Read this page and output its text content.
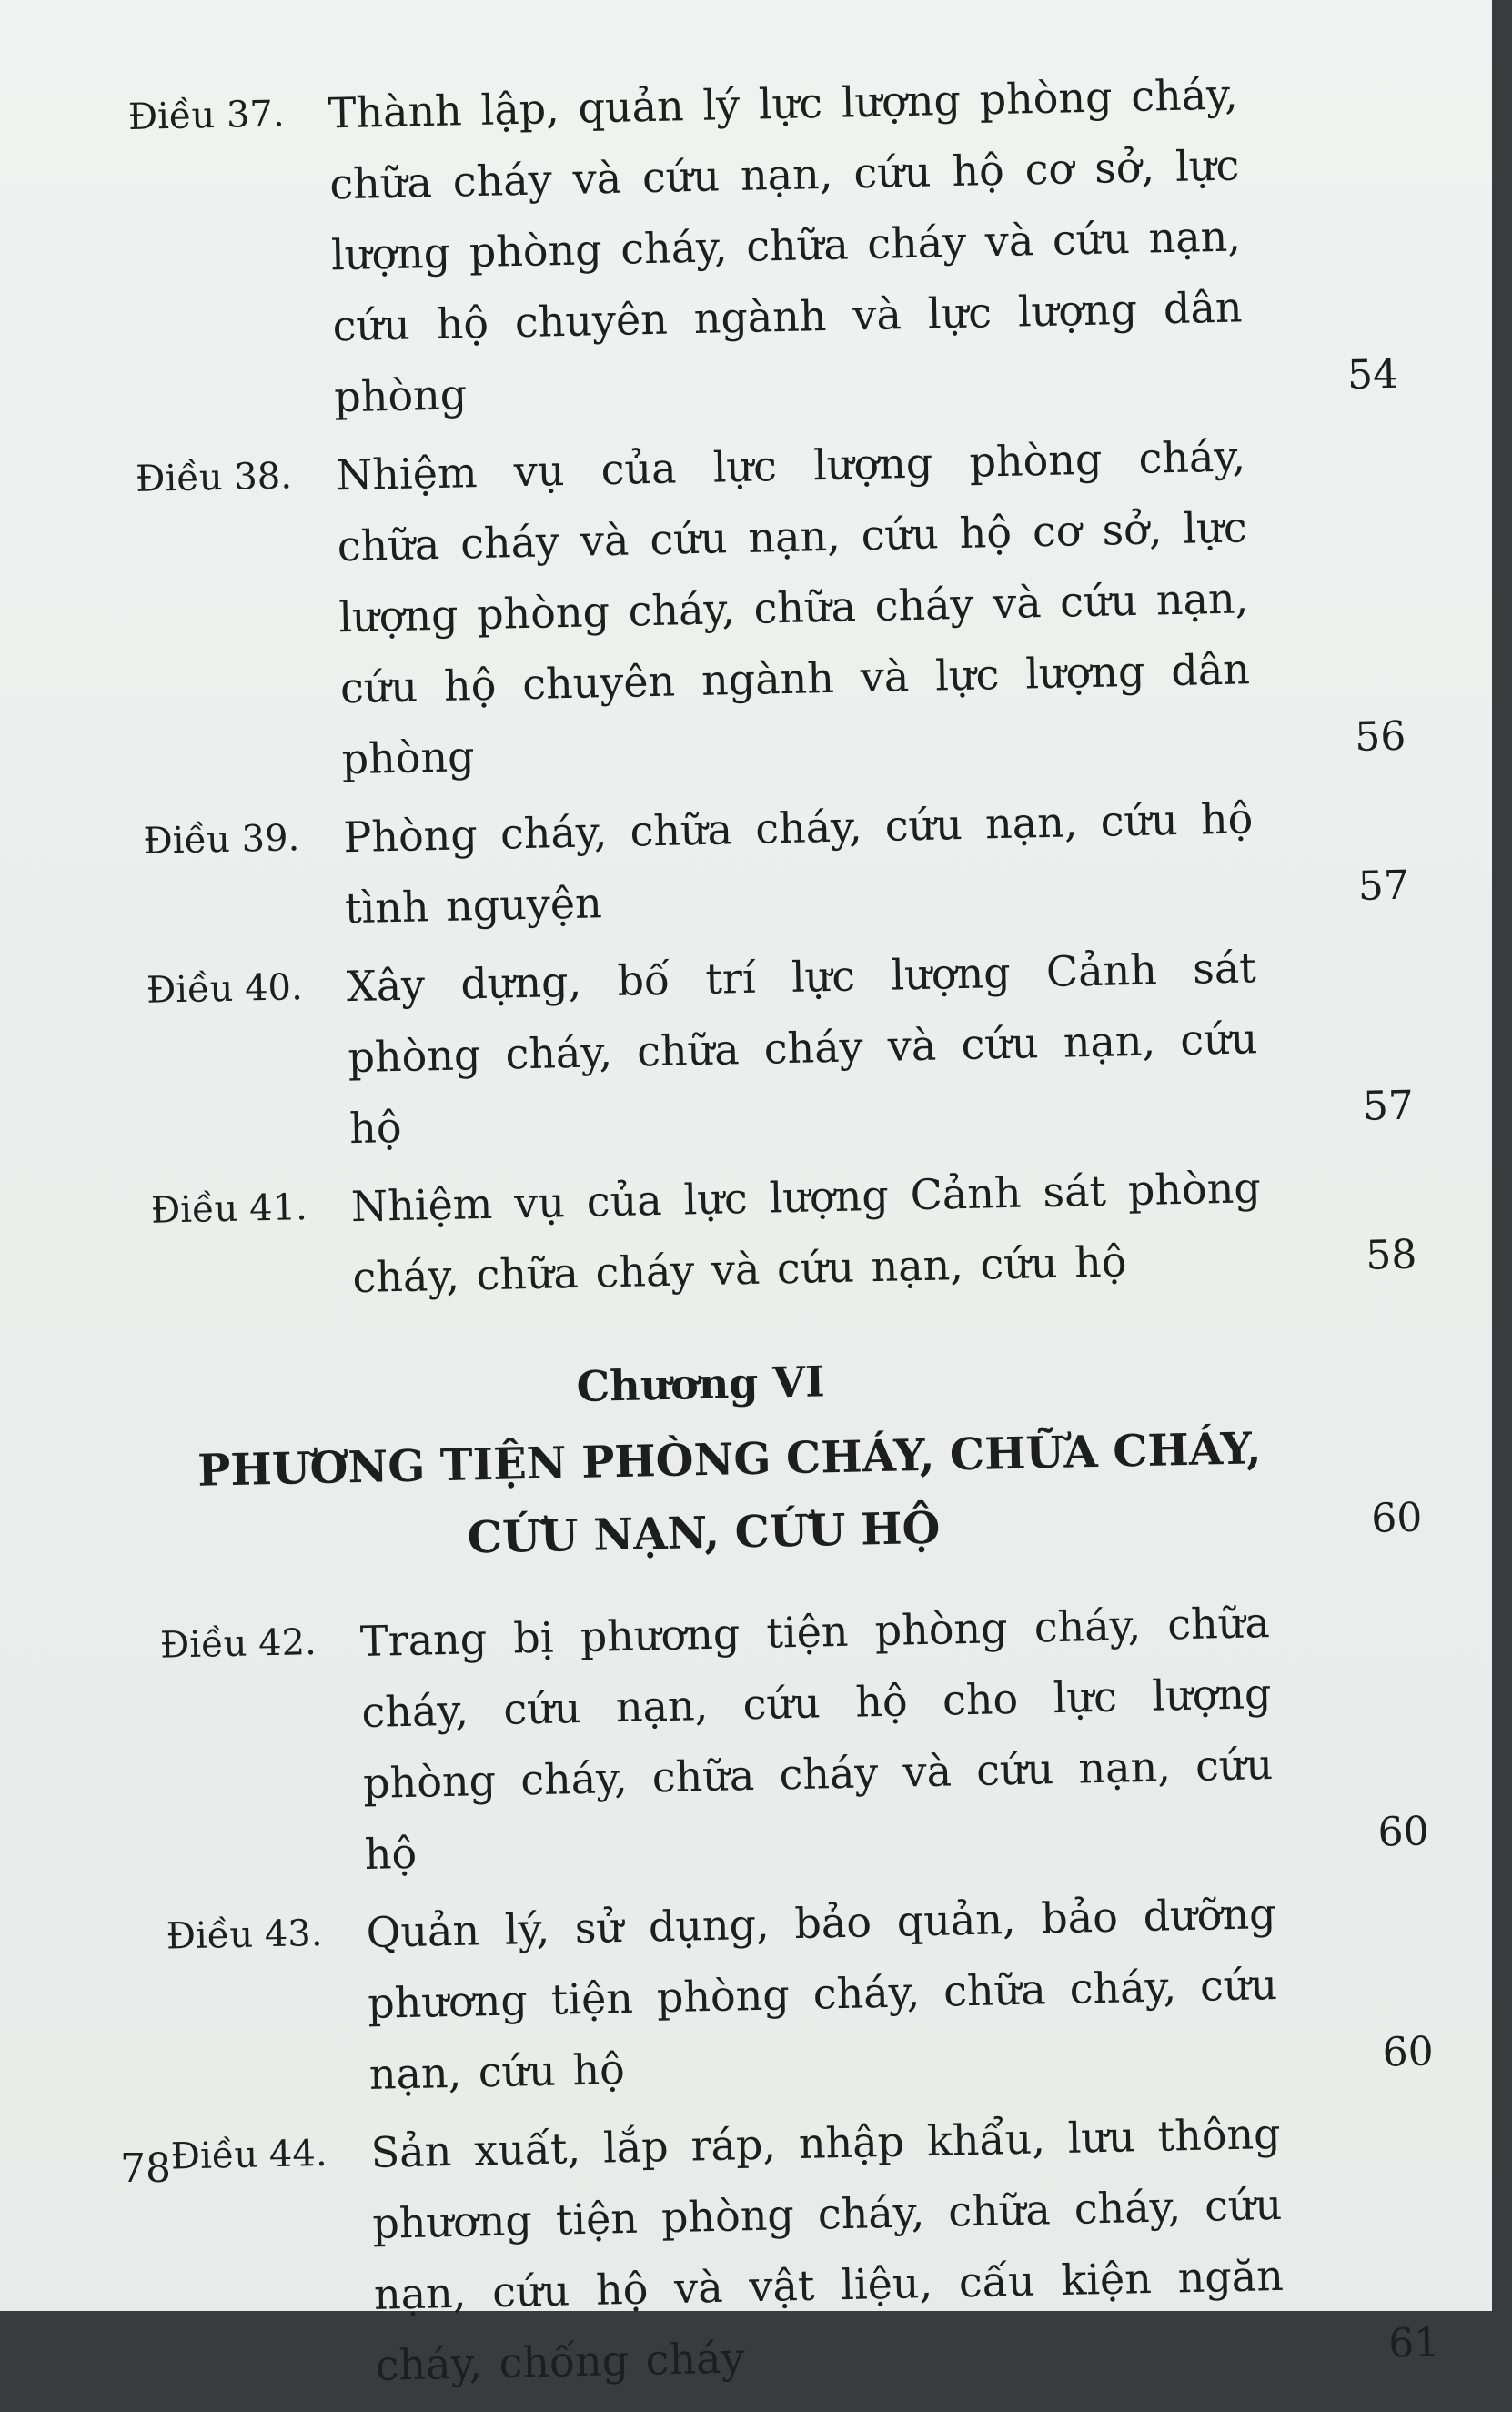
Điều 37.	Thành lập, quản lý lực lượng phòng cháy, chữa cháy và cứu nạn, cứu hộ cơ sở, lực lượng phòng cháy, chữa cháy và cứu nạn, cứu hộ chuyên ngành và lực lượng dân phòng	54
Điều 38.	Nhiệm vụ của lực lượng phòng cháy, chữa cháy và cứu nạn, cứu hộ cơ sở, lực lượng phòng cháy, chữa cháy và cứu nạn, cứu hộ chuyên ngành và lực lượng dân phòng	56
Điều 39.	Phòng cháy, chữa cháy, cứu nạn, cứu hộ tình nguyện	57
Điều 40.	Xây dựng, bố trí lực lượng Cảnh sát phòng cháy, chữa cháy và cứu nạn, cứu hộ	57
Điều 41.	Nhiệm vụ của lực lượng Cảnh sát phòng cháy, chữa cháy và cứu nạn, cứu hộ	58
Chương VI
PHƯƠNG TIỆN PHÒNG CHÁY, CHỮA CHÁY,
CỨU NẠN, CỨU HỘ	60
Điều 42.	Trang bị phương tiện phòng cháy, chữa cháy, cứu nạn, cứu hộ cho lực lượng phòng cháy, chữa cháy và cứu nạn, cứu hộ	60
Điều 43.	Quản lý, sử dụng, bảo quản, bảo dưỡng phương tiện phòng cháy, chữa cháy, cứu nạn, cứu hộ	60
Điều 44.	Sản xuất, lắp ráp, nhập khẩu, lưu thông phương tiện phòng cháy, chữa cháy, cứu nạn, cứu hộ và vật liệu, cấu kiện ngăn cháy, chống cháy	61
78
